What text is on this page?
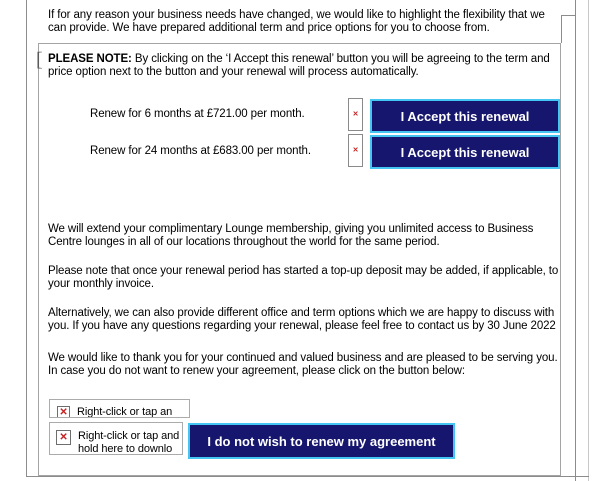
[
If for any reason your business needs have changed, we would like to highlight the flexibility that we can provide. We have prepared additional term and price options for you to choose from.
PLEASE NOTE: By clicking on the ‘I Accept this renewal’ button you will be agreeing to the term and price option next to the button and your renewal will process automatically.
Renew for 6 months at £721.00 per month.	✕	I Accept this renewal
Renew for 24 months at £683.00 per month.	✕	I Accept this renewal
We will extend your complimentary Lounge membership, giving you unlimited access to Business Centre lounges in all of our locations throughout the world for the same period.
Please note that once your renewal period has started a top-up deposit may be added, if applicable, to your monthly invoice.
Alternatively, we can also provide different office and term options which we are happy to discuss with you. If you have any questions regarding your renewal, please feel free to contact us by 30 June 2022
We would like to thank you for your continued and valued business and are pleased to be serving you. In case you do not want to renew your agreement, please click on the button below:
✕ Right-click or tap an
✕ Right-click or tap and
hold here to downlo
I do not wish to renew my agreement
